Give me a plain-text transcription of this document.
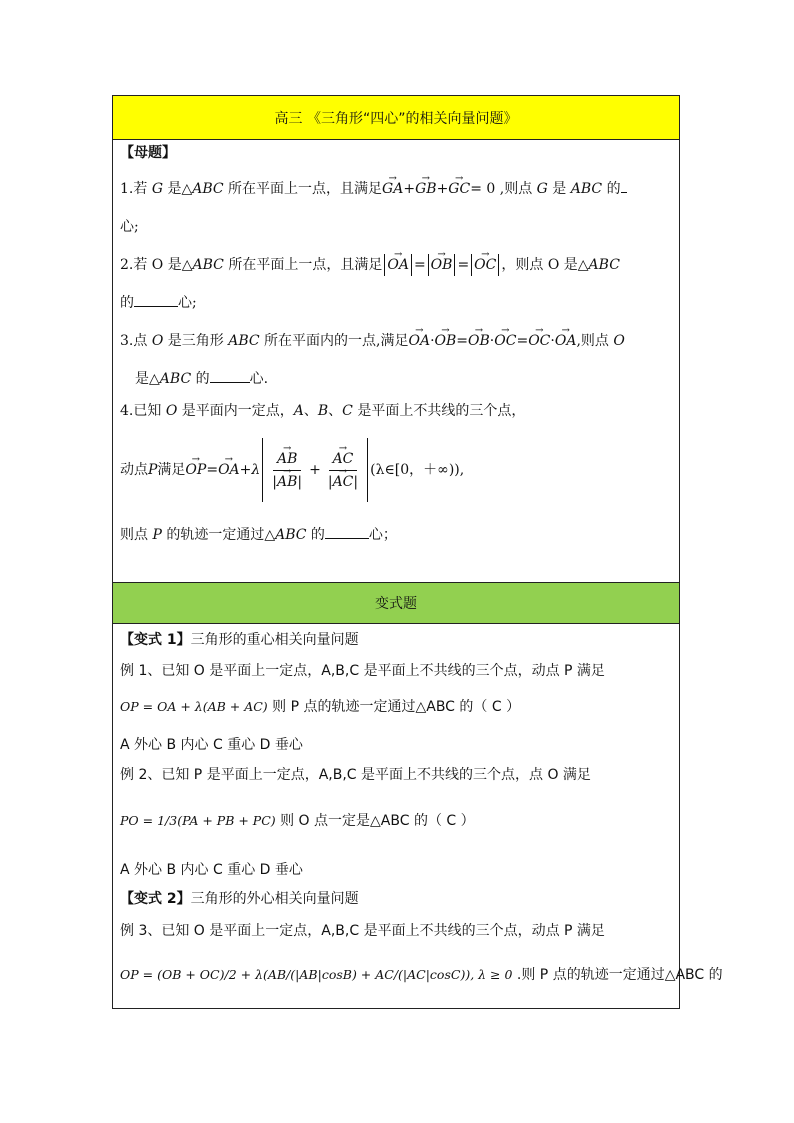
高三 《三角形“四心”的相关向量问题》
【母题】
1.若 G 是△ABC 所在平面上一点，且满足→ GA+→ GB+→ GC= 0 ,则点 G 是 ABC 的
心;
2.若 O 是△ABC 所在平面上一点，且满足→ OA =→ OB =→ OC ，则点 O 是△ABC
的	心;
3.点 O 是三角形 ABC 所在平面内的一点,满足→ OA·→ OB=→ OB·→ OC=→ OC·→ OA,则点 O
是△ABC 的	心.
4.已知 O 是平面内一定点，A、B、C 是平面上不共线的三个点，
动点 P 满足
→ OP =
→ OA + λ
→ $\frac{AB}{|\to AB|}$ +
→ $\frac{AC}{|\to AC|}$ (λ∈[0，＋∞)),
则点 P 的轨迹一定通过△ABC 的	心；
变式题
【变式 1】三角形的重心相关向量问题
例 1、已知 O 是平面上一定点，A,B,C 是平面上不共线的三个点，动点 P 满足
OP = OA + λ(AB + AC) 则 P 点的轨迹一定通过△ABC 的（ C ）
A 外心 B 内心 C 重心 D 垂心
例 2、已知 P 是平面上一定点，A,B,C 是平面上不共线的三个点，点 O 满足
PO = 1/3(PA + PB + PC) 则 O 点一定是△ABC 的（ C ）
A 外心 B 内心 C 重心 D 垂心
【变式 2】三角形的外心相关向量问题
例 3、已知 O 是平面上一定点，A,B,C 是平面上不共线的三个点，动点 P 满足
OP = (OB + OC)/2 + λ(AB/(|AB|cosB) + AC/(|AC|cosC)), λ ≥ 0 .则 P 点的轨迹一定通过△ABC 的
